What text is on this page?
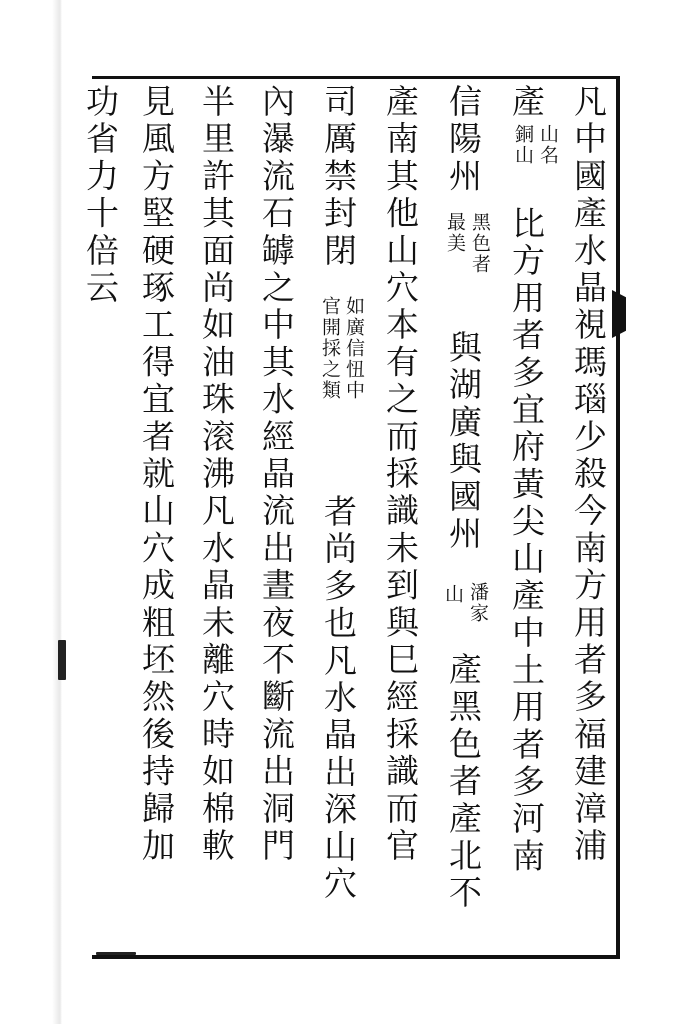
凡中國產水晶視瑪瑙少殺今南方用者多福建漳浦
產
山名
銅山
比方用者多宜府黃尖山產中土用者多河南
信陽州
黑色者
最美
與湖廣與國州
潘家
山
產黑色者產北不
產南其他山穴本有之而採識未到與巳經採識而官
司厲禁封閉
如廣信忸中
官開採之類
者尚多也凡水晶出深山穴
內瀑流石罅之中其水經晶流出晝夜不斷流出洞門
半里許其面尚如油珠滚沸凡水晶未離穴時如棉軟
見風方堅硬琢工得宜者就山穴成粗坯然後持歸加
功省力十倍云
